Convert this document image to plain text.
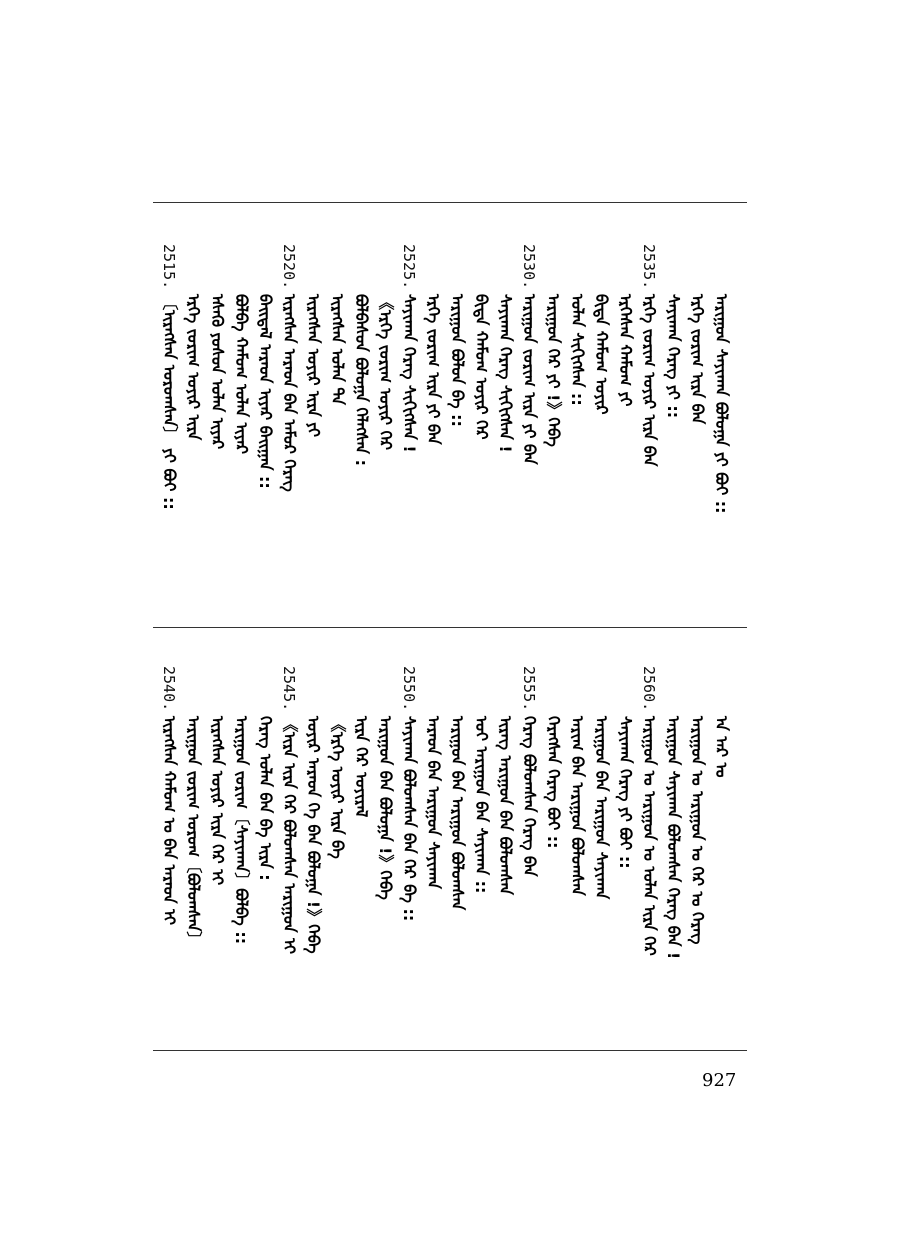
2515.
〔ᠢᠷᠡᠭᠰᠡᠨ ᠤᠷᠤᠭᠰᠠᠨ〕 ᠶᠢ ᠪᠤᠢ :: ᠡᠷᠬᠡ ᠵᠣᠷᠢᠭ ᠣᠶᠢᠷ ᠢᠷᠡ ᠡᠰᠡᠬᠦ ᠶᠣᠰᠤᠨ ᠣᠯᠠᠨ ᠢᠶᠠᠷ ᠪᠣᠯᠪᠠ ᠬᠠᠮᠤᠭ ᠣᠯᠠᠨ ᠢᠶᠠᠷ ᠪᠠᠢᠳᠠᠯ ᠠᠷᠠᠳ ᠢᠶᠠᠷ ᠪᠠᠢᠭᠠᠨ ::
2520.
ᠢᠷᠡᠭᠰᠡᠨ ᠠᠷᠠᠳ ᠪᠠᠨ ᠠᠮᠤᠷ ᠬᠡᠷᠡᠭ ᠢᠷᠡᠭᠰᠡᠨ ᠣᠶᠢᠷ ᠢᠷᠡ ᠶᠢ ᠢᠷᠡᠭᠰᠡᠨ ᠣᠯᠠᠨ ᠲᠠ ᠪᠣᠯᠪᠠᠰᠤᠨ ᠪᠣᠯᠤᠭᠠ ᠬᠡᠯᠡᠭᠰᠡᠨ : 《ᠡᠷᠬᠡ ᠵᠣᠷᠢᠭ ᠣᠶᠢᠷ ᠬᠡᠷ
2525.
ᠰᠠᠶᠢᠬᠠᠨ ᠬᠡᠷᠡᠭ ᠰᠢᠬᠢᠭᠰᠡᠨ ! ᠡᠷᠬᠡ ᠵᠣᠷᠢᠭ ᠢᠷᠡ ᠶᠢ ᠪᠠᠨ ᠠᠷᠢᠭᠤᠨ ᠪᠣᠯᠤᠨ ᠪᠠ :: ᠪᠢᠳᠡ ᠬᠠᠮᠤᠭ ᠣᠶᠢᠷ ᠬᠡᠷ ᠰᠠᠶᠢᠬᠠᠨ ᠬᠡᠷᠡᠭ ᠰᠢᠬᠢᠭᠰᠡᠨ !
2530.
ᠠᠷᠢᠭᠤᠨ ᠵᠣᠷᠢᠭ ᠢᠷᠡ ᠶᠢ ᠪᠠᠨ ᠠᠷᠢᠭᠤᠨ ᠬᠡᠷ ᠶᠢ !》ᠭᠡᠪᠡ ᠣᠯᠠᠨ ᠰᠢᠬᠢᠭᠰᠡᠨ :: ᠪᠢᠳᠡ ᠬᠠᠮᠤᠭ ᠣᠶᠢᠷ ᠡᠷᠬᠡᠰᠡᠨ ᠬᠠᠮᠤᠭ ᠶᠢ
2535.
ᠡᠷᠬᠡ ᠵᠣᠷᠢᠭ ᠣᠶᠢᠷ ᠢᠷᠡ ᠪᠠᠨ ᠰᠠᠶᠢᠬᠠᠨ ᠬᠡᠷᠡᠭ ᠶᠢ :: ᠡᠷᠬᠡ ᠵᠣᠷᠢᠭ ᠢᠷᠡ ᠪᠠᠨ ᠠᠷᠢᠭᠤᠨ ᠰᠠᠶᠢᠬᠠᠨ ᠪᠣᠯᠤᠭᠠ ᠶᠢ ᠪᠤᠢ ::
2540.
ᠢᠷᠡᠭᠰᠡᠨ ᠬᠠᠮᠤᠭ ᠤ ᠪᠠᠨ ᠠᠷᠠᠳ ᠢ ᠠᠷᠢᠭᠤᠨ ᠵᠣᠷᠢᠭ ᠤᠷᠤᠭ〔ᠪᠣᠯᠤᠭᠰᠠᠨ〕 ᠢᠷᠡᠭᠰᠡᠨ ᠣᠶᠢᠷ ᠢᠷᠡ ᠬᠡᠷ ᠢ ᠠᠷᠢᠭᠤᠨ ᠵᠣᠷᠢᠭ〔ᠰᠠᠶᠢᠬᠠᠨ〕ᠪᠣᠯᠪᠠ :: ᠬᠡᠷᠡᠭ ᠣᠯᠠᠨ ᠪᠠᠨ ᠪᠠ ᠢᠷᠡ :
2545.
《ᠢᠷᠡ ᠢᠷᠡ ᠬᠡᠷ ᠪᠣᠯᠤᠭᠰᠠᠨ ᠠᠷᠢᠭᠤᠨ ᠢ ᠣᠶᠢᠷ ᠠᠷᠠᠳ ᠬᠡ ᠪᠠᠨ ᠪᠣᠯᠤᠭᠠ !》ᠭᠡᠪᠡ 《ᠡᠷᠬᠡ ᠣᠶᠢᠷ ᠢᠷᠡ ᠪᠠ ᠢᠷᠡ ᠬᠡᠷ ᠣᠶᠢᠷᠠᠯ ᠠᠷᠢᠭᠤᠨ ᠪᠠᠨ ᠪᠣᠯᠤᠭᠠ !》ᠭᠡᠪᠡ
2550.
ᠰᠠᠶᠢᠬᠠᠨ ᠪᠣᠯᠤᠭᠰᠠᠨ ᠪᠠᠨ ᠬᠡᠷ ᠪᠠ :: ᠠᠷᠠᠳ ᠪᠠᠨ ᠠᠷᠢᠭᠤᠨ ᠰᠠᠶᠢᠬᠠᠨ ᠠᠷᠢᠭᠤᠨ ᠪᠠᠨ ᠠᠷᠢᠭᠤᠨ ᠪᠣᠯᠤᠭᠰᠠᠨ ᠣᠶ ᠠᠷᠢᠭᠤᠨ ᠪᠠᠨ ᠰᠠᠶᠢᠬᠠᠨ :: ᠢᠷᠡᠭ ᠠᠷᠢᠭᠤᠨ ᠪᠠᠨ ᠪᠣᠯᠤᠭᠰᠠᠨ
2555.
ᠬᠡᠷᠡᠭ ᠪᠣᠯᠤᠭᠰᠠᠨ ᠬᠡᠷᠡᠭ ᠪᠠᠨ ᠬᠡᠷᠡᠭᠰᠡᠨ ᠬᠡᠷᠡᠭ ᠪᠤᠢ :: ᠠᠷᠢᠭ ᠪᠠᠨ ᠠᠷᠢᠭᠤᠨ ᠪᠣᠯᠤᠭᠰᠠᠨ ᠠᠷᠢᠭᠤᠨ ᠪᠠᠨ ᠠᠷᠢᠭᠤᠨ ᠰᠠᠶᠢᠬᠠᠨ ᠰᠠᠶᠢᠬᠠᠨ ᠬᠡᠷᠡᠭ ᠶᠢ ᠪᠤᠢ ::
2560.
ᠠᠷᠢᠭᠤᠨ ᠤ ᠠᠷᠢᠭᠤᠨ ᠤ ᠣᠯᠠᠨ ᠢᠷᠡ ᠬᠡᠷ ᠠᠷᠢᠭᠤᠨ ᠰᠠᠶᠢᠬᠠᠨ ᠪᠣᠯᠤᠭᠰᠠᠨ ᠬᠡᠷᠡᠭ ᠪᠠᠨ ! ᠠᠷᠢᠭᠤᠨ ᠤ ᠠᠷᠢᠭᠤᠨ ᠤ ᠬᠡᠷ ᠤ ᠬᠡᠷᠡᠭ ᠠ ᠠᠷ ᠤ
927
